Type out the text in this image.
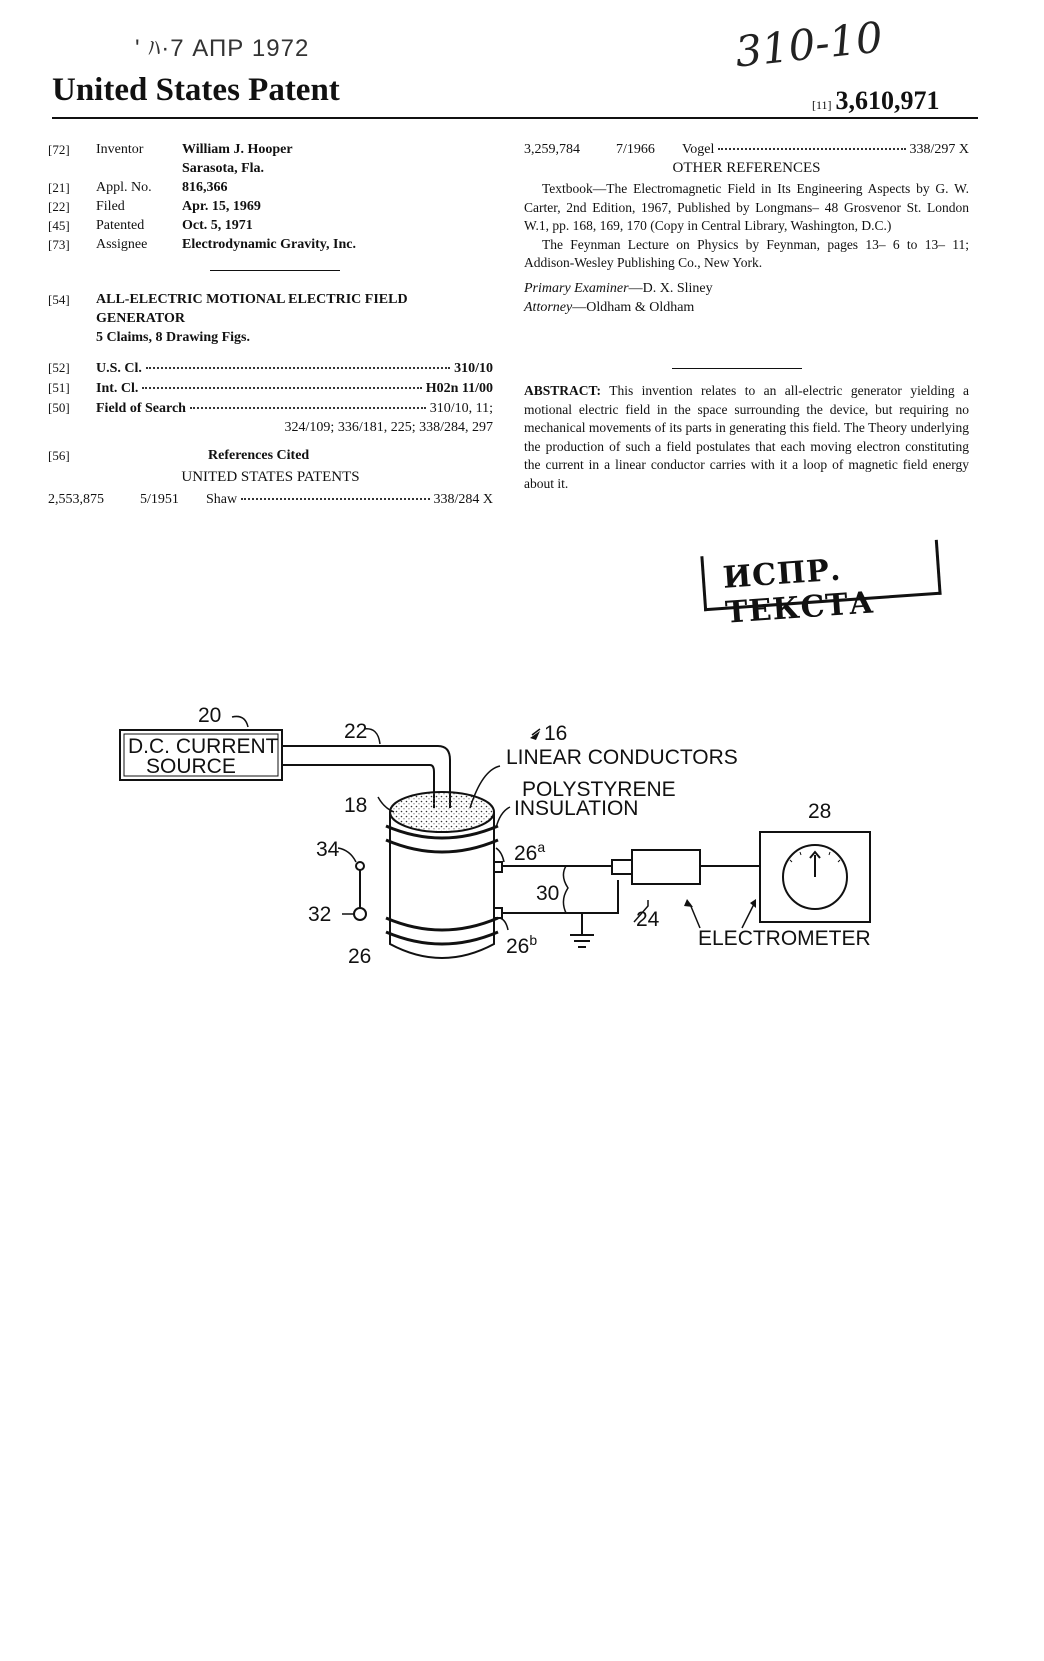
' ﾊ·7 АПР 1972	310-10
United States Patent	[11] 3,610,971
[72]	Inventor	William J. Hooper
Sarasota, Fla.
[21]	Appl. No.	816,366
[22]	Filed	Apr. 15, 1969
[45]	Patented	Oct. 5, 1971
[73]	Assignee	Electrodynamic Gravity, Inc.
[54]	ALL-ELECTRIC MOTIONAL ELECTRIC FIELD
GENERATOR
5 Claims, 8 Drawing Figs.
[52]	U.S. Cl.	310/10
[51]	Int. Cl.	H02n 11/00
[50]	Field of Search	310/10, 11;
324/109; 336/181, 225; 338/284, 297
[56]	References Cited
UNITED STATES PATENTS
2,553,875	5/1951	Shaw	338/284 X
3,259,784	7/1966	Vogel	338/297 X
OTHER REFERENCES
Textbook—The Electromagnetic Field in Its Engineering Aspects by G. W. Carter, 2nd Edition, 1967, Published by Longmans– 48 Grosvenor St. London W.1, pp. 168, 169, 170 (Copy in Central Library, Washington, D.C.)
The Feynman Lecture on Physics by Feynman, pages 13– 6 to 13– 11; Addison-Wesley Publishing Co., New York.
Primary Examiner—D. X. Sliney
Attorney—Oldham & Oldham
ABSTRACT: This invention relates to an all-electric generator yielding a motional electric field in the space surrounding the device, but requiring no mechanical movements of its parts in generating this field. The Theory underlying the production of such a field postulates that each moving electron constituting the current in a linear conductor carries with it a loop of magnetic field energy about it.
ИСПР. ТЕКСТА
D.C. CURRENT
SOURCE
20
22	16
LINEAR CONDUCTORS
POLYSTYRENE
INSULATION
18
34
32
26
26$^a$
26$^b$
30
24
28
ELECTROMETER
